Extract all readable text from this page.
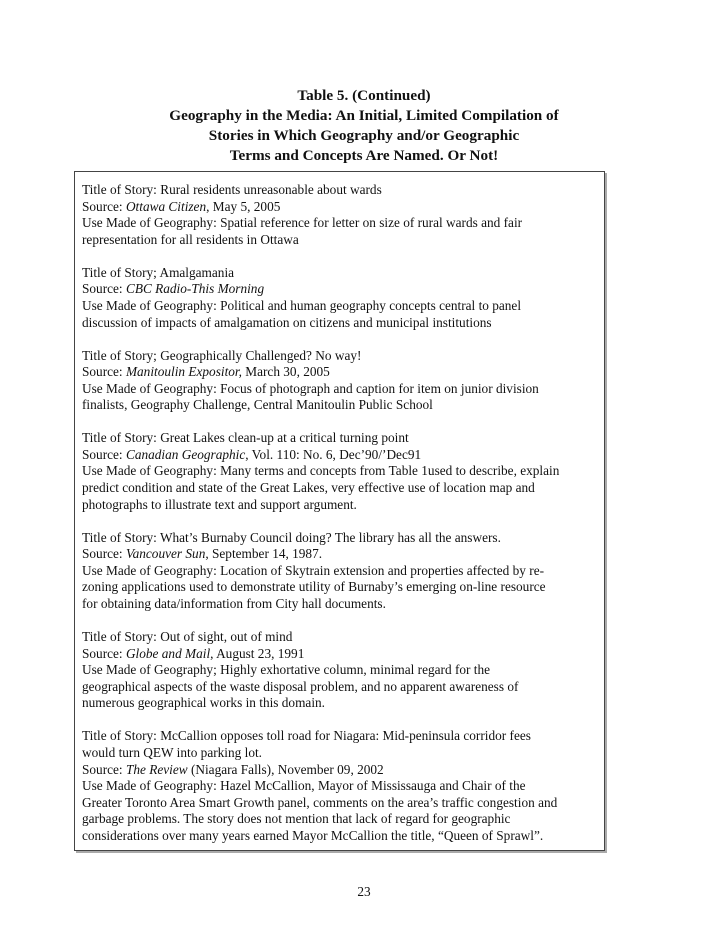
Table 5. (Continued)
Geography in the Media: An Initial, Limited Compilation of
Stories in Which Geography and/or Geographic
Terms and Concepts Are Named. Or Not!
Title of Story: Rural residents unreasonable about wards
Source: Ottawa Citizen, May 5, 2005
Use Made of Geography: Spatial reference for letter on size of rural wards and fair
representation for all residents in Ottawa
Title of Story; Amalgamania
Source: CBC Radio-This Morning
Use Made of Geography: Political and human geography concepts central to panel
discussion of impacts of amalgamation on citizens and municipal institutions
Title of Story; Geographically Challenged? No way!
Source: Manitoulin Expositor, March 30, 2005
Use Made of Geography: Focus of photograph and caption for item on junior division
finalists, Geography Challenge, Central Manitoulin Public School
Title of Story: Great Lakes clean-up at a critical turning point
Source: Canadian Geographic, Vol. 110: No. 6, Dec’90/’Dec91
Use Made of Geography: Many terms and concepts from Table 1used to describe, explain
predict condition and state of the Great Lakes, very effective use of location map and
photographs to illustrate text and support argument.
Title of Story: What’s Burnaby Council doing? The library has all the answers.
Source: Vancouver Sun, September 14, 1987.
Use Made of Geography: Location of Skytrain extension and properties affected by re-
zoning applications used to demonstrate utility of Burnaby’s emerging on-line resource
for obtaining data/information from City hall documents.
Title of Story: Out of sight, out of mind
Source: Globe and Mail, August 23, 1991
Use Made of Geography; Highly exhortative column, minimal regard for the
geographical aspects of the waste disposal problem, and no apparent awareness of
numerous geographical works in this domain.
Title of Story: McCallion opposes toll road for Niagara: Mid-peninsula corridor fees
would turn QEW into parking lot.
Source: The Review (Niagara Falls), November 09, 2002
Use Made of Geography: Hazel McCallion, Mayor of Mississauga and Chair of the
Greater Toronto Area Smart Growth panel, comments on the area’s traffic congestion and
garbage problems. The story does not mention that lack of regard for geographic
considerations over many years earned Mayor McCallion the title, “Queen of Sprawl”.
23
